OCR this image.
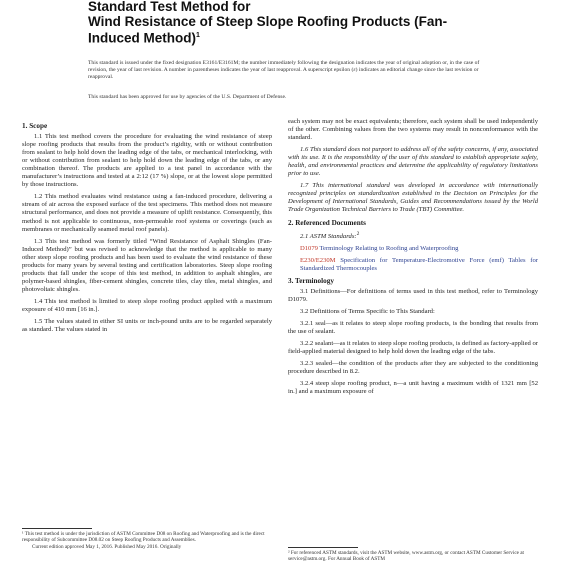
Standard Test Method for
Wind Resistance of Steep Slope Roofing Products (Fan-
Induced Method)$^1$
This standard is issued under the fixed designation E3161/E3161M; the number immediately following the designation indicates the year of original adoption or, in the case of revision, the year of last revision. A number in parentheses indicates the year of last reapproval. A superscript epsilon (ε) indicates an editorial change since the last revision or reapproval.
This standard has been approved for use by agencies of the U.S. Department of Defense.
1. Scope
1.1 This test method covers the procedure for evaluating the wind resistance of steep slope roofing products that results from the product’s rigidity, with or without contribution from sealant to help hold down the leading edge of the tabs, or mechanical interlocking, with or without contribution from sealant to help hold down the leading edge of the tabs, or any combination thereof. The products are applied to a test panel in accordance with the manufacturer’s instructions and tested at a 2:12 (17 %) slope, or at the lowest slope permitted by those instructions.
1.2 This method evaluates wind resistance using a fan-induced procedure, delivering a stream of air across the exposed surface of the test specimens. This method does not measure structural performance, and does not provide a measure of uplift resistance. Consequently, this method is not applicable to continuous, non-permeable roof systems or coverings (such as membranes or mechanically seamed metal roof panels).
1.3 This test method was formerly titled “Wind Resistance of Asphalt Shingles (Fan-Induced Method)” but was revised to acknowledge that the method is applicable to many other steep slope roofing products and has been used to evaluate the wind resistance of these products for many years by several testing and certification laboratories. Steep slope roofing products that fall under the scope of this test method, in addition to asphalt shingles, are polymer-based shingles, fiber-cement shingles, concrete tiles, clay tiles, metal shingles, and photovoltaic shingles.
1.4 This test method is limited to steep slope roofing product applied with a maximum exposure of 410 mm [16 in.].
1.5 The values stated in either SI units or inch-pound units are to be regarded separately as standard. The values stated in
¹ This test method is under the jurisdiction of ASTM Committee D08 on Roofing and Waterproofing and is the direct responsibility of Subcommittee D08.02 on Steep Roofing Products and Assemblies.
Current edition approved May 1, 2016. Published May 2016. Originally
each system may not be exact equivalents; therefore, each system shall be used independently of the other. Combining values from the two systems may result in nonconformance with the standard.
1.6 This standard does not purport to address all of the safety concerns, if any, associated with its use. It is the responsibility of the user of this standard to establish appropriate safety, health, and environmental practices and determine the applicability of regulatory limitations prior to use.
1.7 This international standard was developed in accordance with internationally recognized principles on standardization established in the Decision on Principles for the Development of International Standards, Guides and Recommendations issued by the World Trade Organization Technical Barriers to Trade (TBT) Committee.
2. Referenced Documents
2.1 ASTM Standards:$^2$
D1079 Terminology Relating to Roofing and Waterproofing
E230/E230M Specification for Temperature-Electromotive Force (emf) Tables for Standardized Thermocouples
3. Terminology
3.1 Definitions—For definitions of terms used in this test method, refer to Terminology D1079.
3.2 Definitions of Terms Specific to This Standard:
3.2.1 seal—as it relates to steep slope roofing products, is the bonding that results from the use of sealant.
3.2.2 sealant—as it relates to steep slope roofing products, is defined as factory-applied or field-applied material designed to help hold down the leading edge of the tabs.
3.2.3 sealed—the condition of the products after they are subjected to the conditioning procedure described in 8.2.
3.2.4 steep slope roofing product, n—a unit having a maximum width of 1321 mm [52 in.] and a maximum exposure of
² For referenced ASTM standards, visit the ASTM website, www.astm.org, or contact ASTM Customer Service at service@astm.org. For Annual Book of ASTM
